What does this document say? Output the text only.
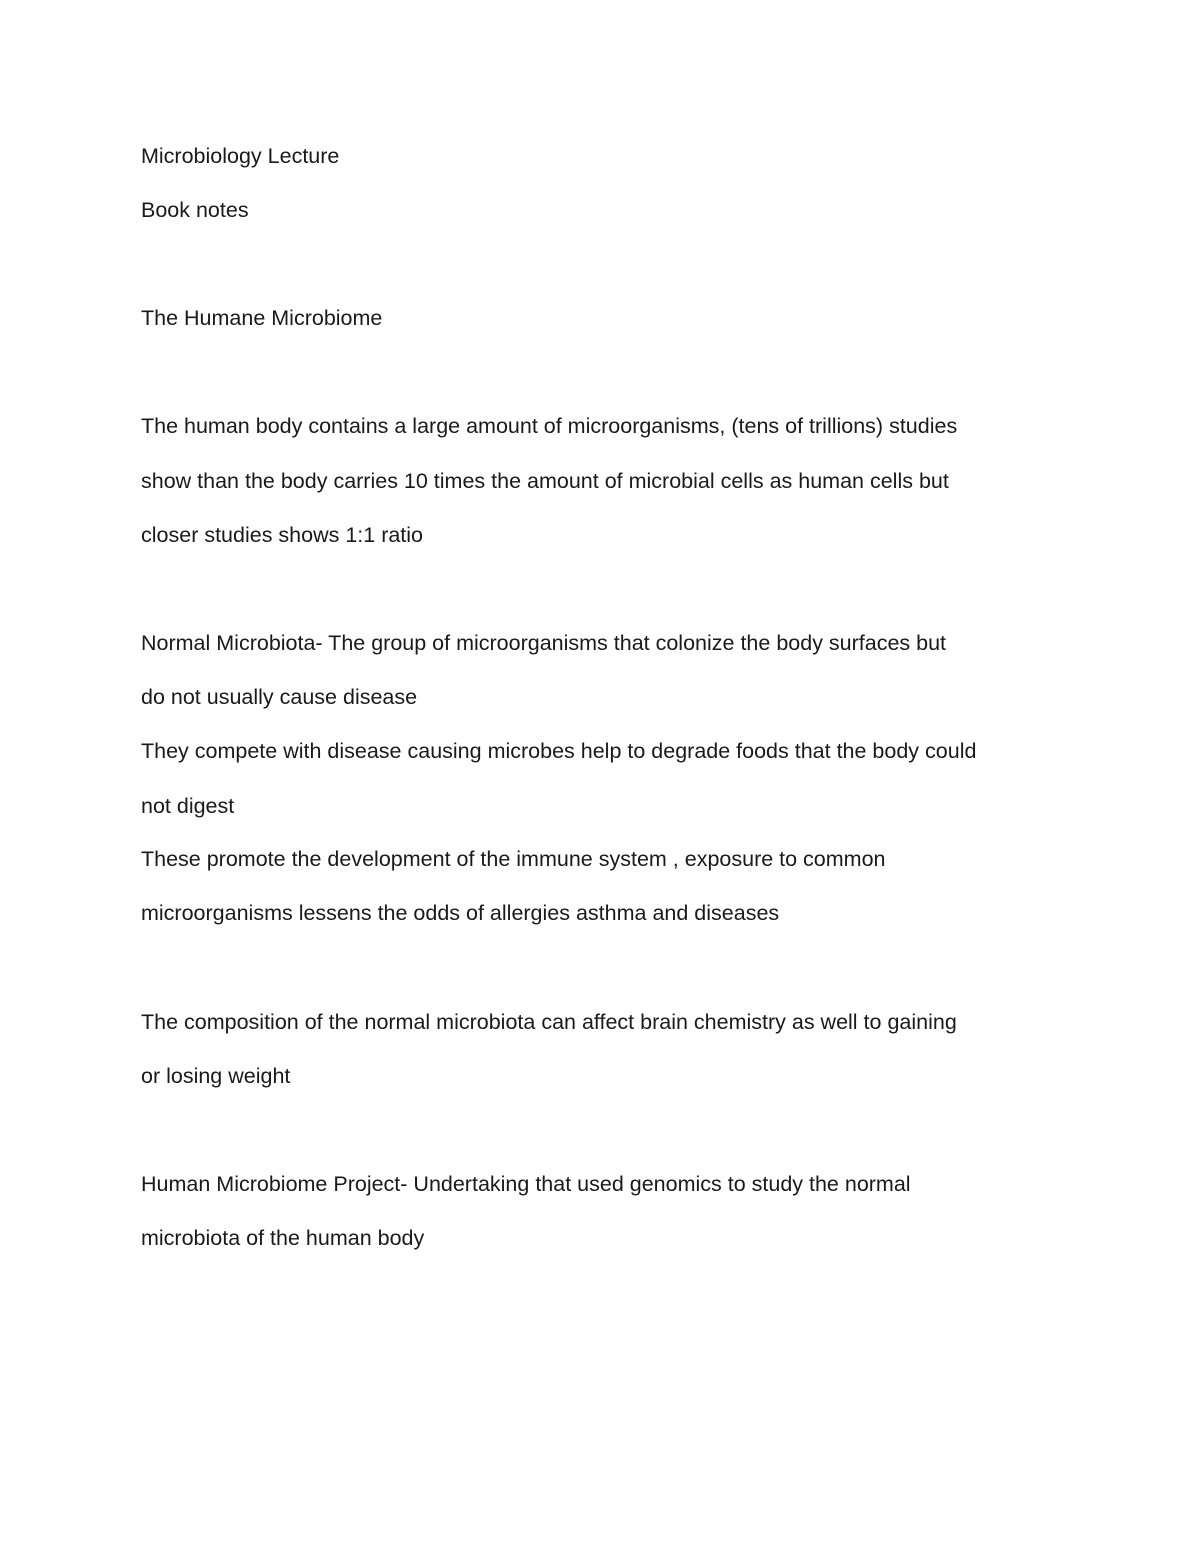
Microbiology Lecture

Book notes

The Humane Microbiome

The human body contains a large amount of microorganisms, (tens of trillions) studies

show than the body carries 10 times the amount of microbial cells as human cells but

closer studies shows 1:1 ratio

Normal Microbiota- The group of microorganisms that colonize the body surfaces but

do not usually cause disease

They compete with disease causing microbes help to degrade foods that the body could

not digest

These promote the development of the immune system , exposure to common

microorganisms lessens the odds of allergies asthma and diseases

The composition of the normal microbiota can affect brain chemistry as well to gaining

or losing weight

Human Microbiome Project- Undertaking that used genomics to study the normal

microbiota of the human body
